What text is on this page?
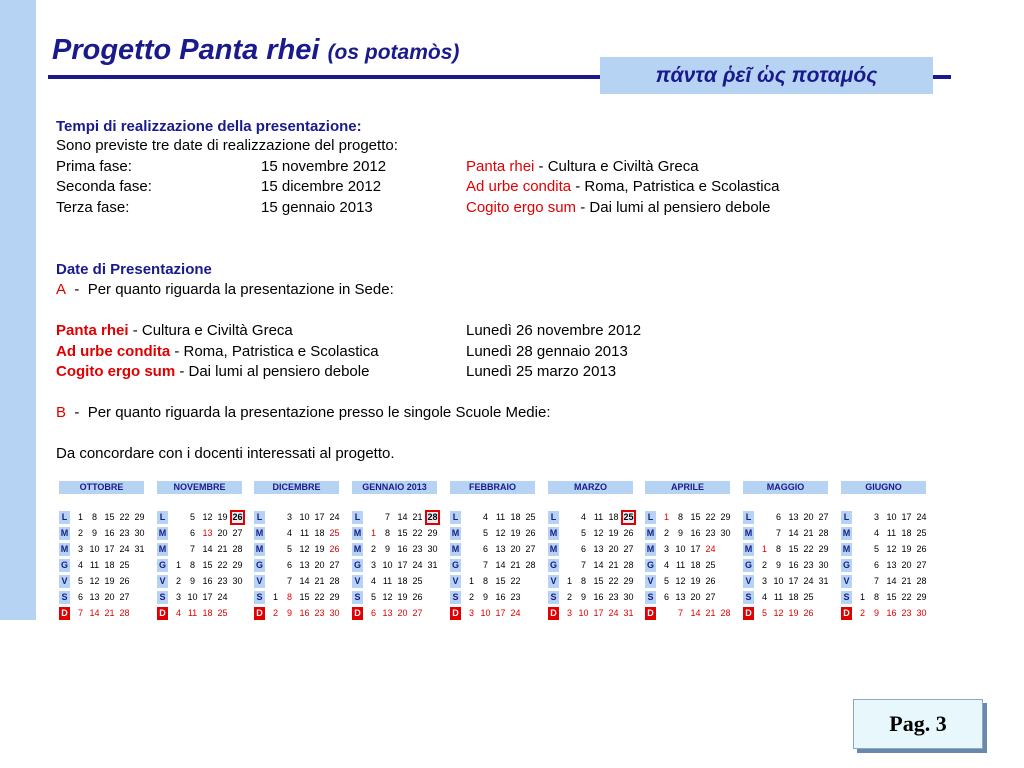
Progetto Panta rhei (os potamòs)
πάντα ῥεῖ ὡς ποταμός
Tempi di realizzazione della presentazione:
Sono previste tre date di realizzazione del progetto:
Prima fase:	15 novembre 2012	Panta rhei - Cultura e Civiltà Greca
Seconda fase:	15 dicembre 2012	Ad urbe condita - Roma, Patristica e Scolastica
Terza fase:	15 gennaio 2013	Cogito ergo sum - Dai lumi al pensiero debole
Date di Presentazione
A - Per quanto riguarda la presentazione in Sede:
Panta rhei - Cultura e Civiltà Greca	Lunedì 26 novembre 2012
Ad urbe condita - Roma, Patristica e Scolastica	Lunedì 28 gennaio 2013
Cogito ergo sum - Dai lumi al pensiero debole	Lunedì 25 marzo 2013
B - Per quanto riguarda la presentazione presso le singole Scuole Medie:
Da concordare con i docenti interessati al progetto.
OTTOBRE
L	1 8 15 22 29
M	2 9 16 23 30
M	3 10 17 24 31
G	4 11 18 25
V	5 12 19 26
S	6 13 20 27
D	7 14 21 28
NOVEMBRE
L	5 12 19 26
M	6 13 20 27
M	7 14 21 28
G	1 8 15 22 29
V	2 9 16 23 30
S	3 10 17 24
D	4 11 18 25
DICEMBRE
L	3 10 17 24
M	4 11 18 25
M	5 12 19 26
G	6 13 20 27
V	7 14 21 28
S	1 8 15 22 29
D	2 9 16 23 30
GENNAIO 2013
L	7 14 21 28
M	1 8 15 22 29
M	2 9 16 23 30
G	3 10 17 24 31
V	4 11 18 25
S	5 12 19 26
D	6 13 20 27
FEBBRAIO
L	4 11 18 25
M	5 12 19 26
M	6 13 20 27
G	7 14 21 28
V	1 8 15 22
S	2 9 16 23
D	3 10 17 24
MARZO
L	4 11 18 25
M	5 12 19 26
M	6 13 20 27
G	7 14 21 28
V	1 8 15 22 29
S	2 9 16 23 30
D	3 10 17 24 31
APRILE
L	1 8 15 22 29
M	2 9 16 23 30
M	3 10 17 24
G	4 11 18 25
V	5 12 19 26
S	6 13 20 27
D	7 14 21 28
MAGGIO
L	6 13 20 27
M	7 14 21 28
M	1 8 15 22 29
G	2 9 16 23 30
V	3 10 17 24 31
S	4 11 18 25
D	5 12 19 26
GIUGNO
L	3 10 17 24
M	4 11 18 25
M	5 12 19 26
G	6 13 20 27
V	7 14 21 28
S	1 8 15 22 29
D	2 9 16 23 30
Pag. 3
